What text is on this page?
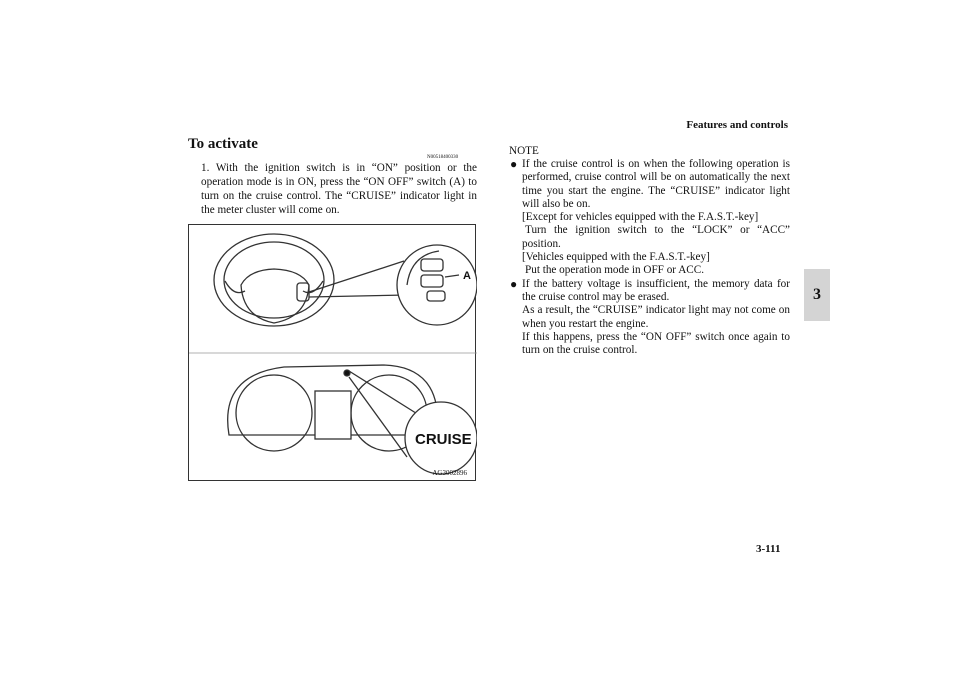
Features and controls
3
To activate
N00518400330

1. With the ignition switch is in “ON” position or the operation mode is in ON, press the “ON OFF” switch (A) to turn on the cruise control. The “CRUISE” indicator light in the meter cluster will come on.

A
CRUISE
AG3002896
NOTE
● If the cruise control is on when the following operation is performed, cruise control will be on automatically the next time you start the engine. The “CRUISE” indicator light will also be on.

[Except for vehicles equipped with the F.A.S.T.-key]

Turn the ignition switch to the “LOCK” or “ACC” position.

[Vehicles equipped with the F.A.S.T.-key]

Put the operation mode in OFF or ACC.

● If the battery voltage is insufficient, the memory data for the cruise control may be erased.

As a result, the “CRUISE” indicator light may not come on when you restart the engine.

If this happens, press the “ON OFF” switch once again to turn on the cruise control.

3-111
